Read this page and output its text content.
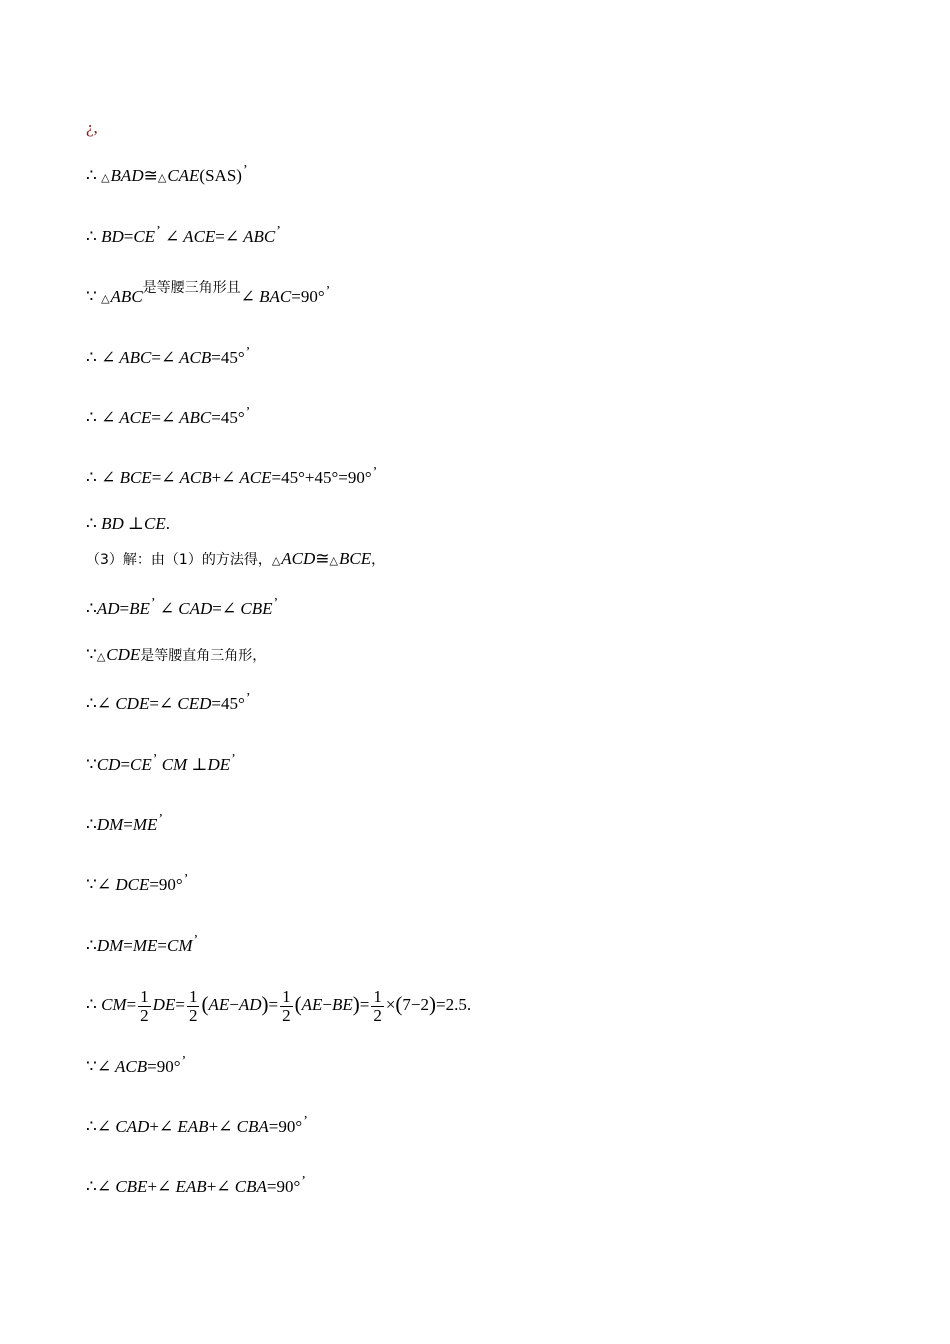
¿,
∴ △BAD≅△CAE(SAS)’
∴ BD=CE’ ∠ ACE=∠ ABC’
∵ $\triangle ABC^{是等腰三角形且}\angle$ BAC=90°’
∴ ∠ ABC=∠ ACB=45°’
∴ ∠ ACE=∠ ABC=45°’
∴ ∠ BCE=∠ ACB+∠ ACE=45°+45°=90°’
∴ BD ⊥CE.
（3）解：由（1）的方法得，△ACD≅△BCE，
∴AD=BE’ ∠ CAD=∠ CBE’
∵△CDE是等腰直角三角形，
∴∠ CDE=∠ CED=45°’
∵CD=CE’ CM ⊥DE’
∴DM=ME’
∵∠ DCE=90°’
∴DM=ME=CM’
∴ $CM= \frac{1}{2} DE= \frac{1}{2} (AE-AD)= \frac{1}{2} (AE-BE)= \frac{1}{2} \times(7-2)=2.5$.
∵∠ ACB=90°’
∴∠ CAD+∠ EAB+∠ CBA=90°’
∴∠ CBE+∠ EAB+∠ CBA=90°’
